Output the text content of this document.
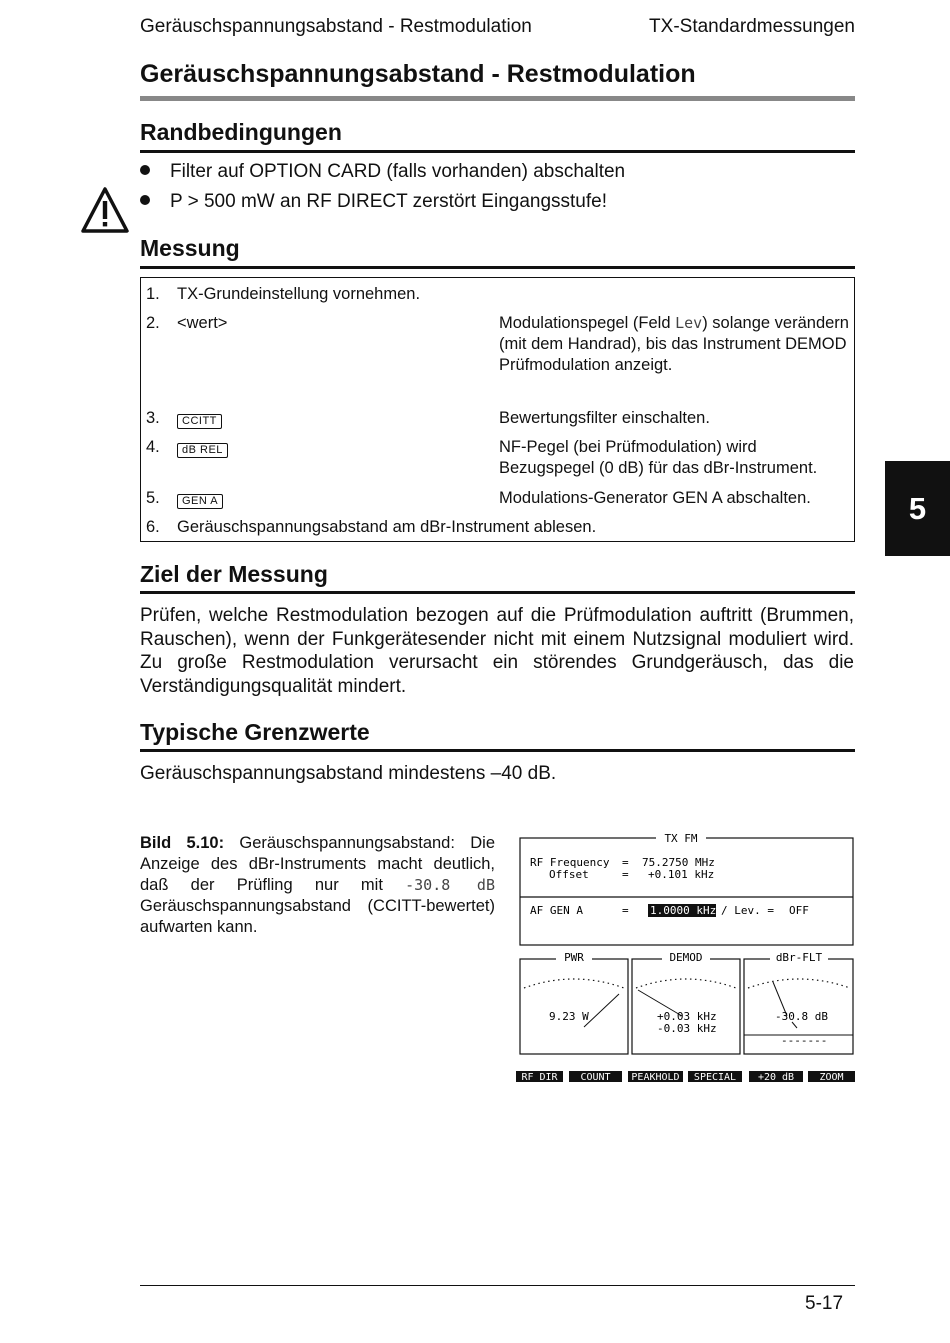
Geräuschspannungsabstand - Restmodulation	TX-Standardmessungen
Geräuschspannungsabstand - Restmodulation
Randbedingungen
Filter auf OPTION CARD (falls vorhanden) abschalten
P > 500 mW an RF DIRECT zerstört Eingangsstufe!
Messung
1. TX-Grundeinstellung vornehmen.
2. <wert>	Modulationspegel (Feld Lev) solange verändern (mit dem Handrad), bis das Instrument DEMOD Prüfmodulation anzeigt.
3.	CCITT	Bewertungsfilter einschalten.
4.	dB REL	NF-Pegel (bei Prüfmodulation) wird Bezugspegel (0 dB) für das dBr-Instrument.
5.	GEN A	Modulations-Generator GEN A abschalten.
6. Geräuschspannungsabstand am dBr-Instrument ablesen.
5
Ziel der Messung
Prüfen, welche Restmodulation bezogen auf die Prüfmodulation auftritt (Brummen, Rauschen), wenn der Funkgerätesender nicht mit einem Nutzsignal moduliert wird. Zu große Restmodulation verursacht ein störendes Grundgeräusch, das die Verständigungsqualität mindert.
Typische Grenzwerte
Geräuschspannungsabstand mindestens –40 dB.
Bild 5.10: Geräuschspannungsabstand: Die Anzeige des dBr-Instruments macht deutlich, daß der Prüfling nur mit -30.8 dB Geräuschspannungsabstand (CCITT-bewertet) aufwarten kann.
TX FM
RF Frequency = 75.2750 MHz
Offset	= +0.101 kHz
AF GEN A	= 1.0000 kHz / Lev. = OFF
PWR	DEMOD	dBr-FLT
9.23 W	+0.03 kHz
-0.03 kHz
-30.8 dB
-------
RF DIR COUNT PEAKHOLD SPECIAL +20 dB	ZOOM
5-17
